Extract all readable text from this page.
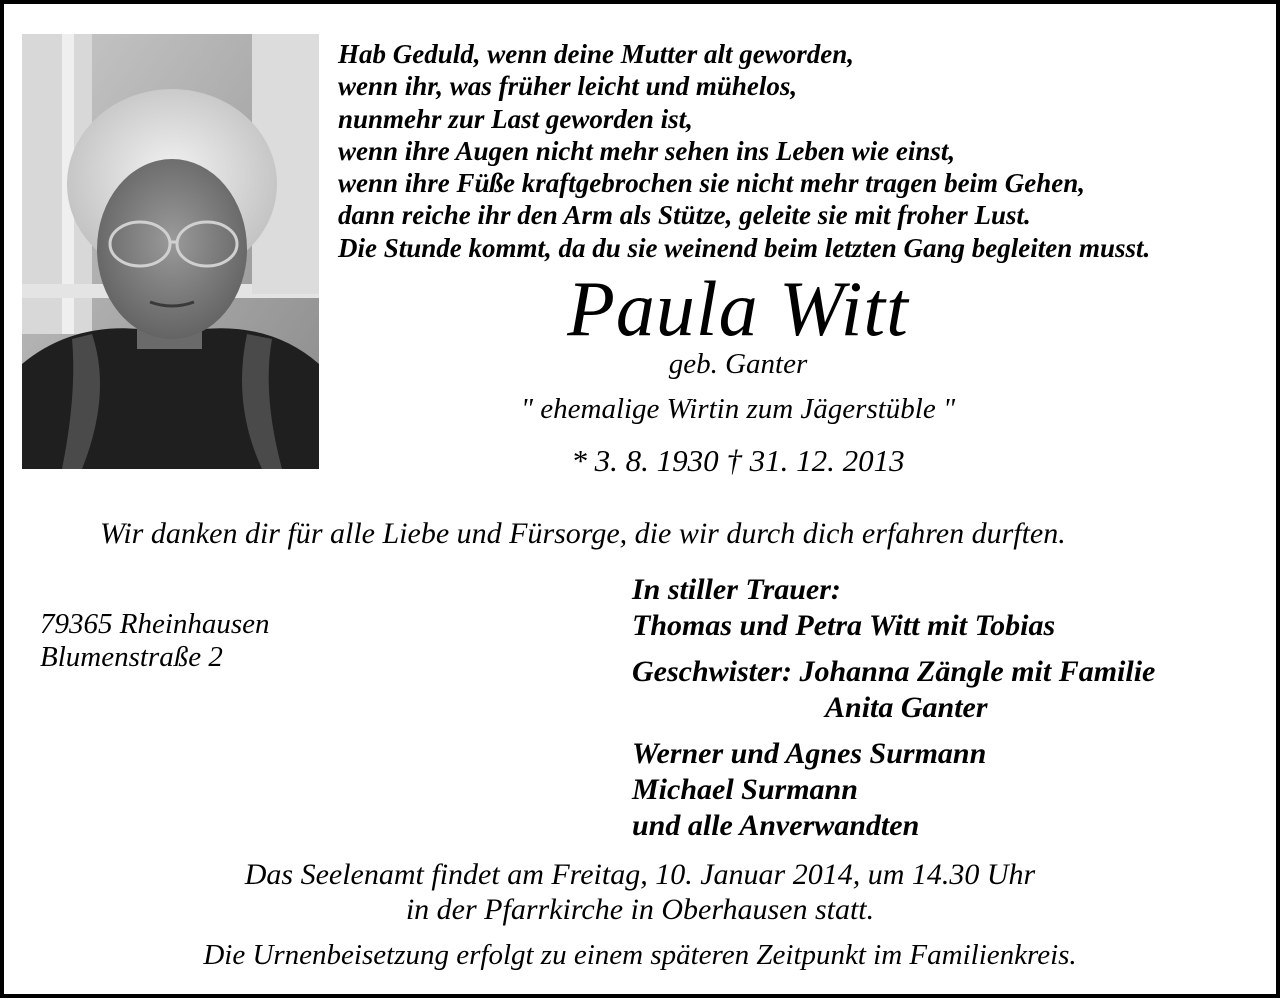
Hab Geduld, wenn deine Mutter alt geworden,
wenn ihr, was früher leicht und mühelos,
nunmehr zur Last geworden ist,
wenn ihre Augen nicht mehr sehen ins Leben wie einst,
wenn ihre Füße kraftgebrochen sie nicht mehr tragen beim Gehen,
dann reiche ihr den Arm als Stütze, geleite sie mit froher Lust.
Die Stunde kommt, da du sie weinend beim letzten Gang begleiten musst.
Paula Witt
geb. Ganter
" ehemalige Wirtin zum Jägerstüble "
* 3. 8. 1930 † 31. 12. 2013
Wir danken dir für alle Liebe und Fürsorge, die wir durch dich erfahren durften.
79365 Rheinhausen
Blumenstraße 2
In stiller Trauer:
Thomas und Petra Witt mit Tobias
Geschwister: Johanna Zängle mit Familie
Anita Ganter
Werner und Agnes Surmann
Michael Surmann
und alle Anverwandten
Das Seelenamt findet am Freitag, 10. Januar 2014, um 14.30 Uhr
in der Pfarrkirche in Oberhausen statt.
Die Urnenbeisetzung erfolgt zu einem späteren Zeitpunkt im Familienkreis.
